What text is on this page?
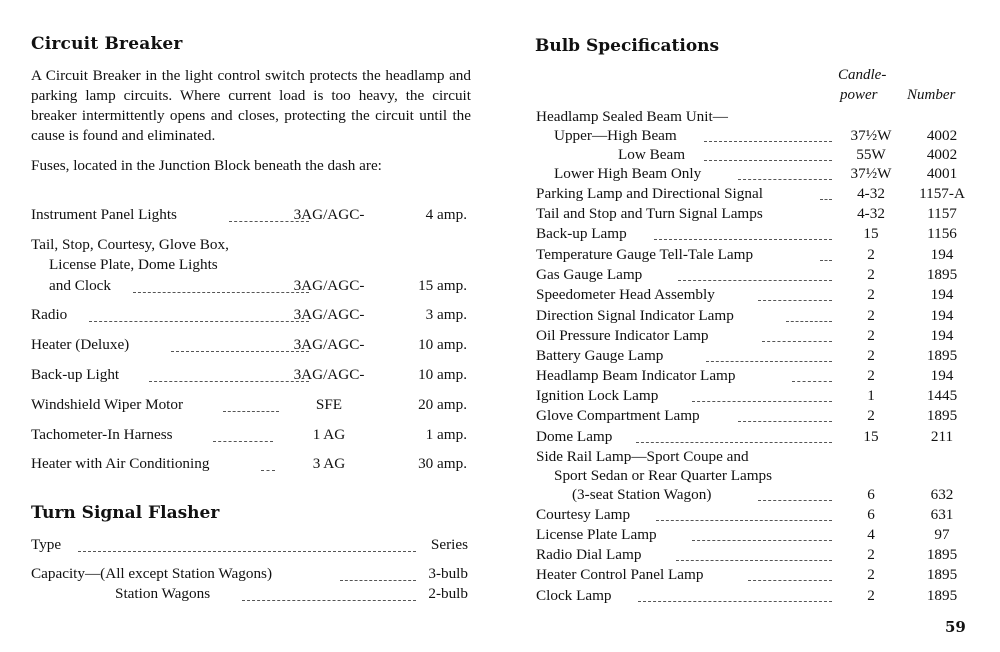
Circuit Breaker

A Circuit Breaker in the light control switch protects the headlamp and parking lamp circuits. Where current load is too heavy, the circuit breaker intermittently opens and closes, protecting the circuit until the cause is found and eliminated.

Fuses, located in the Junction Block beneath the dash are:

Instrument Panel Lights	3AG/AGC-	4 amp.
Tail, Stop, Courtesy, Glove Box,
License Plate, Dome Lights
and Clock	3AG/AGC-	15 amp.
Radio	3AG/AGC-	3 amp.
Heater (Deluxe)	3AG/AGC-	10 amp.
Back-up Light	3AG/AGC-	10 amp.
Windshield Wiper Motor	SFE	20 amp.
Tachometer-In Harness	1 AG	1 amp.
Heater with Air Conditioning	3 AG	30 amp.
Turn Signal Flasher
Type	Series
Capacity—(All except Station Wagons)	3-bulb
Station Wagons	2-bulb
Bulb Specifications
Candle-
power Number
Headlamp Sealed Beam Unit—
Upper—High Beam	37½W	4002
Low Beam	55W	4002
Lower High Beam Only	37½W	4001
Parking Lamp and Directional Signal	4-32	1157-A
Tail and Stop and Turn Signal Lamps	4-32	1157
Back-up Lamp	15	1156
Temperature Gauge Tell-Tale Lamp	2	194
Gas Gauge Lamp	2	1895
Speedometer Head Assembly	2	194
Direction Signal Indicator Lamp	2	194
Oil Pressure Indicator Lamp	2	194
Battery Gauge Lamp	2	1895
Headlamp Beam Indicator Lamp	2	194
Ignition Lock Lamp	1	1445
Glove Compartment Lamp	2	1895
Dome Lamp	15	211
Side Rail Lamp—Sport Coupe and
Sport Sedan or Rear Quarter Lamps
(3-seat Station Wagon)	6	632
Courtesy Lamp	6	631
License Plate Lamp	4	97
Radio Dial Lamp	2	1895
Heater Control Panel Lamp	2	1895
Clock Lamp	2	1895
59
